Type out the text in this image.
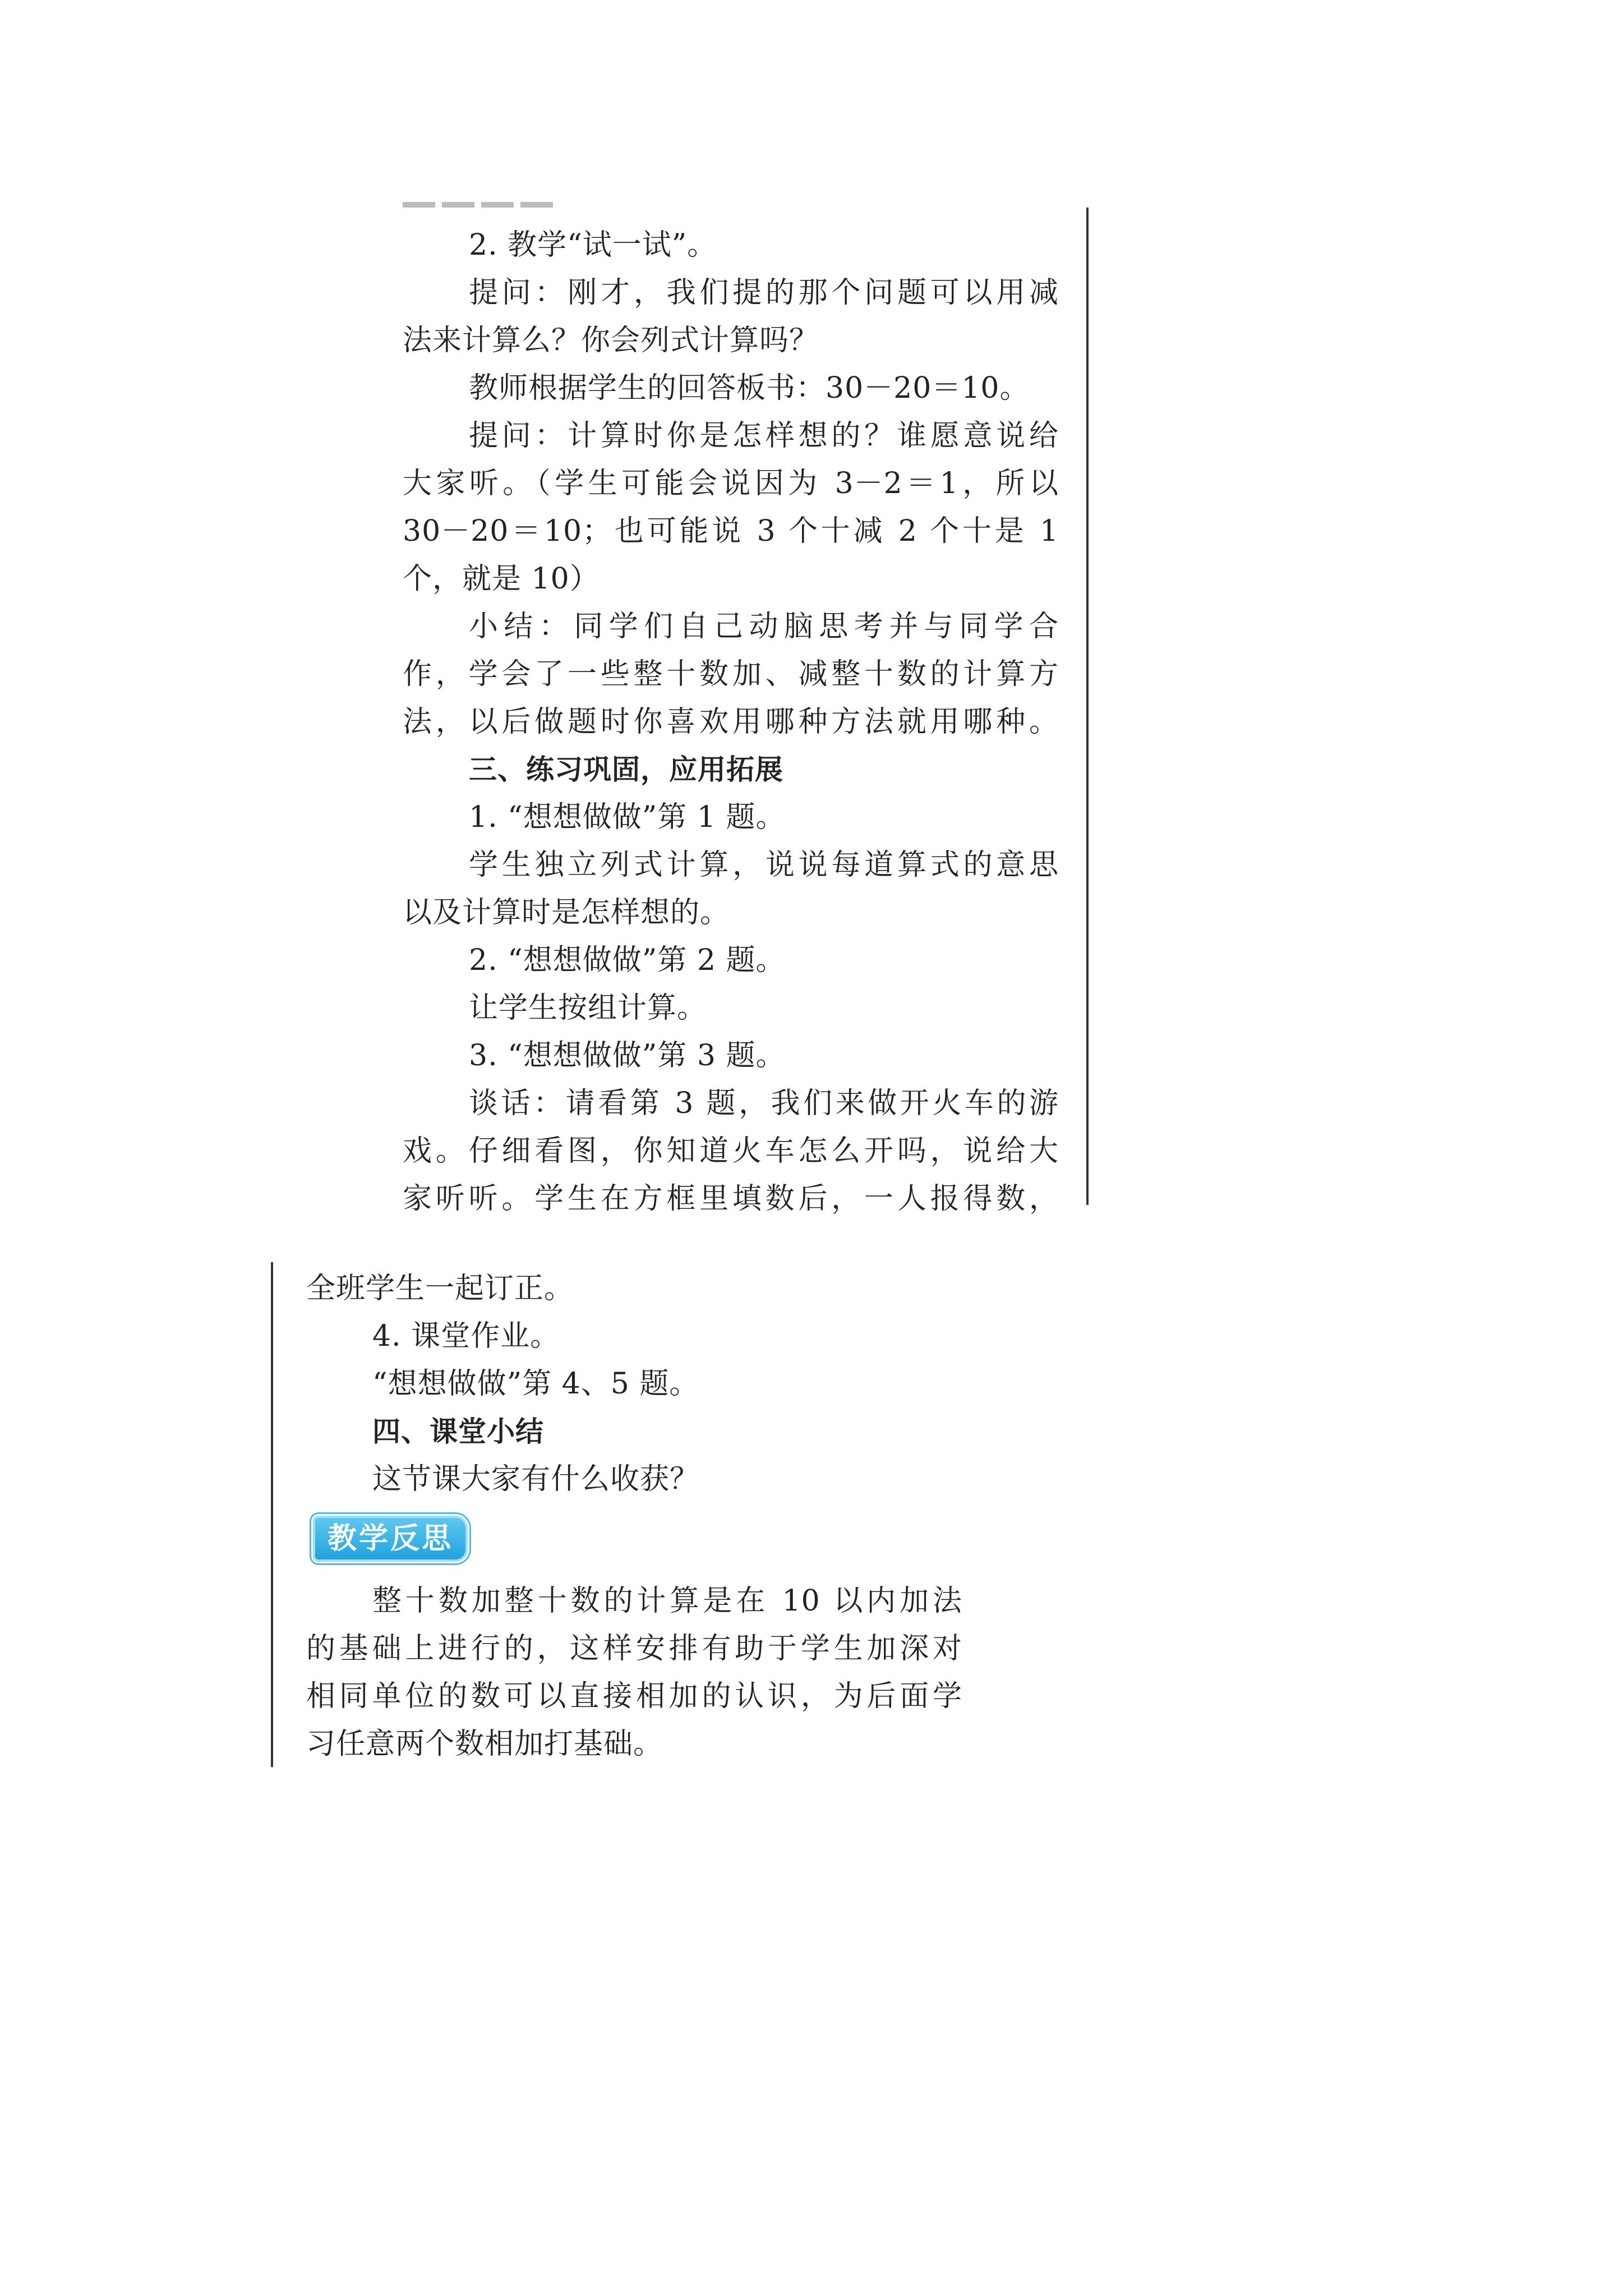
2. 教学“试一试”。
提问：刚才，我们提的那个问题可以用减
法来计算么？你会列式计算吗？
教师根据学生的回答板书：30－20＝10。
提问：计算时你是怎样想的？谁愿意说给
大家听。（学生可能会说因为 3－2＝1，所以
30－20＝10；也可能说 3 个十减 2 个十是 1
个，就是 10）
小结：同学们自己动脑思考并与同学合
作，学会了一些整十数加、减整十数的计算方
法，以后做题时你喜欢用哪种方法就用哪种。
三、练习巩固，应用拓展
1. “想想做做”第 1 题。
学生独立列式计算，说说每道算式的意思
以及计算时是怎样想的。
2. “想想做做”第 2 题。
让学生按组计算。
3. “想想做做”第 3 题。
谈话：请看第 3 题，我们来做开火车的游
戏。仔细看图，你知道火车怎么开吗，说给大
家听听。学生在方框里填数后，一人报得数，
全班学生一起订正。
4. 课堂作业。
“想想做做”第 4、5 题。
四、课堂小结
这节课大家有什么收获？
教学反思
整十数加整十数的计算是在 10 以内加法
的基础上进行的，这样安排有助于学生加深对
相同单位的数可以直接相加的认识，为后面学
习任意两个数相加打基础。
